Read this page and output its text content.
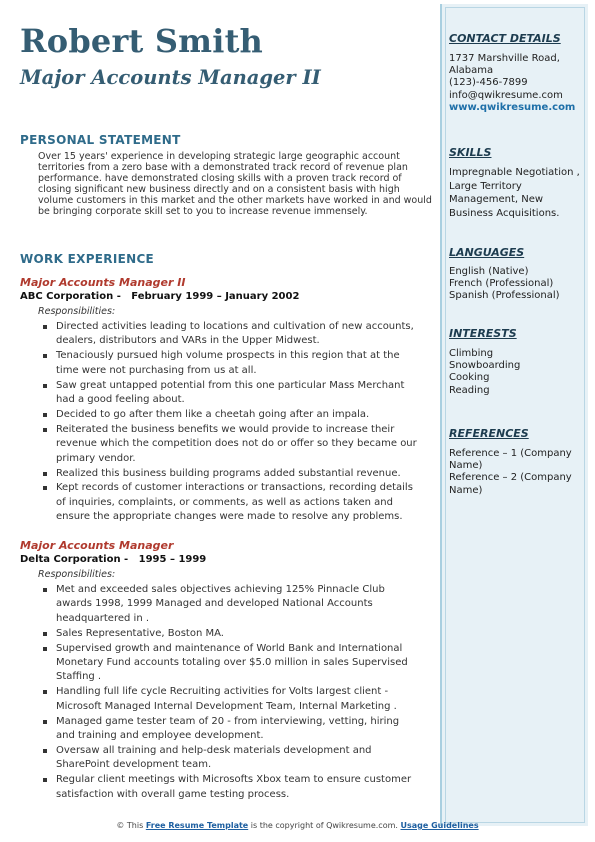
Robert Smith
Major Accounts Manager II
PERSONAL STATEMENT
Over 15 years' experience in developing strategic large geographic account territories from a zero base with a demonstrated track record of revenue plan performance. have demonstrated closing skills with a proven track record of closing significant new business directly and on a consistent basis with high volume customers in this market and the other markets have worked in and would be bringing corporate skill set to you to increase revenue immensely.
WORK EXPERIENCE
Major Accounts Manager II
ABC Corporation -   February 1999 – January 2002
Responsibilities:
Directed activities leading to locations and cultivation of new accounts, dealers, distributors and VARs in the Upper Midwest.
Tenaciously pursued high volume prospects in this region that at the time were not purchasing from us at all.
Saw great untapped potential from this one particular Mass Merchant had a good feeling about.
Decided to go after them like a cheetah going after an impala.
Reiterated the business benefits we would provide to increase their revenue which the competition does not do or offer so they became our primary vendor.
Realized this business building programs added substantial revenue.
Kept records of customer interactions or transactions, recording details of inquiries, complaints, or comments, as well as actions taken and ensure the appropriate changes were made to resolve any problems.
Major Accounts Manager
Delta Corporation -   1995 – 1999
Responsibilities:
Met and exceeded sales objectives achieving 125% Pinnacle Club awards 1998, 1999 Managed and developed National Accounts headquartered in .
Sales Representative, Boston MA.
Supervised growth and maintenance of World Bank and International Monetary Fund accounts totaling over $5.0 million in sales Supervised Staffing .
Handling full life cycle Recruiting activities for Volts largest client - Microsoft Managed Internal Development Team, Internal Marketing .
Managed game tester team of 20 - from interviewing, vetting, hiring and training and employee development.
Oversaw all training and help-desk materials development and SharePoint development team.
Regular client meetings with Microsofts Xbox team to ensure customer satisfaction with overall game testing process.
CONTACT DETAILS
1737 Marshville Road, Alabama
(123)-456-7899
info@qwikresume.com
www.qwikresume.com
SKILLS
Impregnable Negotiation , Large Territory Management, New Business Acquisitions.
LANGUAGES
English (Native)
French (Professional)
Spanish (Professional)
INTERESTS
Climbing
Snowboarding
Cooking
Reading
REFERENCES
Reference – 1 (Company Name)
Reference – 2 (Company Name)
© This Free Resume Template is the copyright of Qwikresume.com. Usage Guidelines
